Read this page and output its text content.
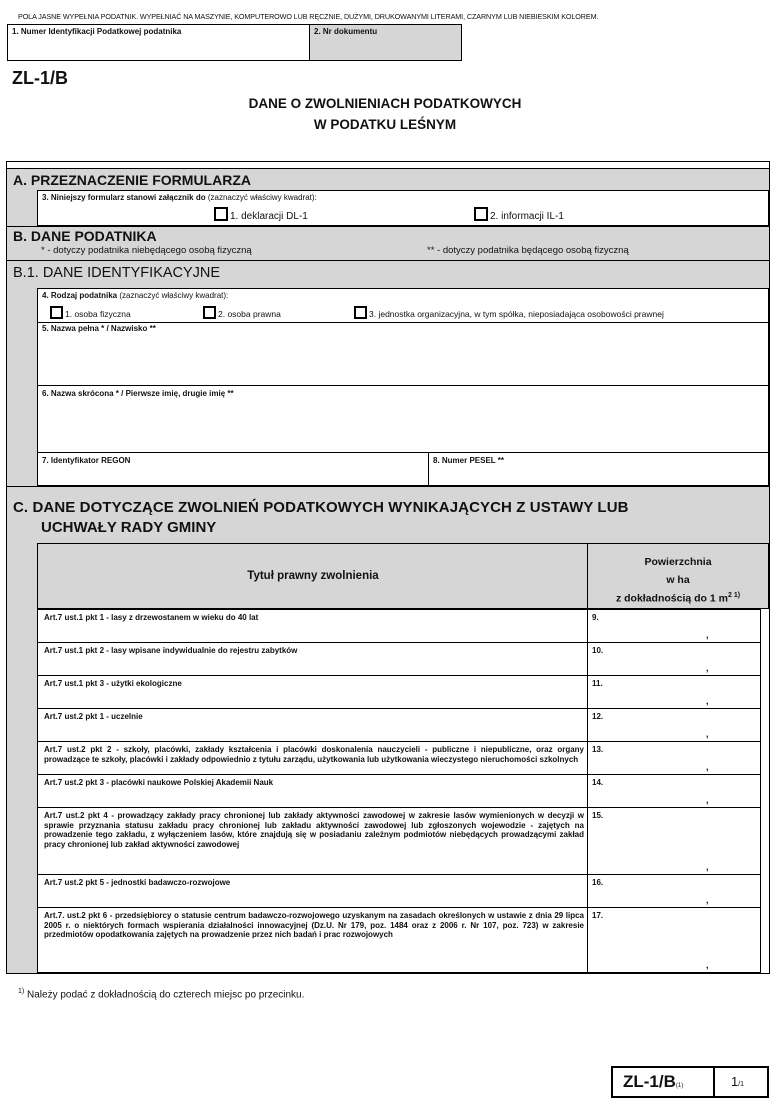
POLA JASNE WYPEŁNIA PODATNIK. WYPEŁNIAĆ NA MASZYNIE, KOMPUTEROWO LUB RĘCZNIE, DUŻYMI, DRUKOWANYMI LITERAMI, CZARNYM LUB NIEBIESKIM KOLOREM.
1. Numer Identyfikacji Podatkowej podatnika	2. Nr dokumentu
ZL-1/B
DANE O ZWOLNIENIACH PODATKOWYCH
W PODATKU LEŚNYM
A. PRZEZNACZENIE FORMULARZA
3. Niniejszy formularz stanowi załącznik do (zaznaczyć właściwy kwadrat):
1. deklaracji DL-1	2. informacji IL-1
B. DANE PODATNIKA
* - dotyczy podatnika niebędącego osobą fizyczną	** - dotyczy podatnika będącego osobą fizyczną
B.1. DANE IDENTYFIKACYJNE
4. Rodzaj podatnika (zaznaczyć właściwy kwadrat):
1. osoba fizyczna	2. osoba prawna	3. jednostka organizacyjna, w tym spółka, nieposiadająca osobowości prawnej
5. Nazwa pełna * / Nazwisko **
6. Nazwa skrócona * / Pierwsze imię, drugie imię **
7. Identyfikator REGON	8. Numer PESEL **
C. DANE DOTYCZĄCE ZWOLNIEŃ PODATKOWYCH WYNIKAJĄCYCH Z USTAWY LUB
UCHWAŁY RADY GMINY
Tytuł prawny zwolnienia
Powierzchnia
w ha
z dokładnością do 1 $m^{2 1)}$
Art.7 ust.1 pkt 1 - lasy z drzewostanem w wieku do 40 lat	9.
,
Art.7 ust.1 pkt 2 - lasy wpisane indywidualnie do rejestru zabytków	10.
,
Art.7 ust.1 pkt 3 - użytki ekologiczne	11.
,
Art.7 ust.2 pkt 1 - uczelnie	12.
,
Art.7 ust.2 pkt 2 - szkoły, placówki, zakłady kształcenia i placówki doskonalenia nauczycieli - publiczne i niepubliczne, oraz organy prowadzące te szkoły, placówki i zakłady odpowiednio z tytułu zarządu, użytkowania lub użytkowania wieczystego nieruchomości szkolnych
13.
,
Art.7 ust.2 pkt 3 - placówki naukowe Polskiej Akademii Nauk	14.
,
Art.7 ust.2 pkt 4 - prowadzący zakłady pracy chronionej lub zakłady aktywności zawodowej w zakresie lasów wymienionych w decyzji w sprawie przyznania statusu zakładu pracy chronionej lub zakładu aktywności zawodowej lub zgłoszonych wojewodzie - zajętych na prowadzenie tego zakładu, z wyłączeniem lasów, które znajdują się w posiadaniu zależnym podmiotów niebędących prowadzącymi zakład pracy chronionej lub zakład aktywności zawodowej
15.
,
Art.7 ust.2 pkt 5 - jednostki badawczo-rozwojowe	16.
,
Art.7. ust.2 pkt 6 - przedsiębiorcy o statusie centrum badawczo-rozwojowego uzyskanym na zasadach określonych w ustawie z dnia 29 lipca 2005 r. o niektórych formach wspierania działalności innowacyjnej (Dz.U. Nr 179, poz. 1484 oraz z 2006 r. Nr 107, poz. 723) w zakresie przedmiotów opodatkowania zajętych na prowadzenie przez nich badań i prac rozwojowych
17.
,
$^{1)}$ Należy podać z dokładnością do czterech miejsc po przecinku.
ZL-1/B(1)	1/1
